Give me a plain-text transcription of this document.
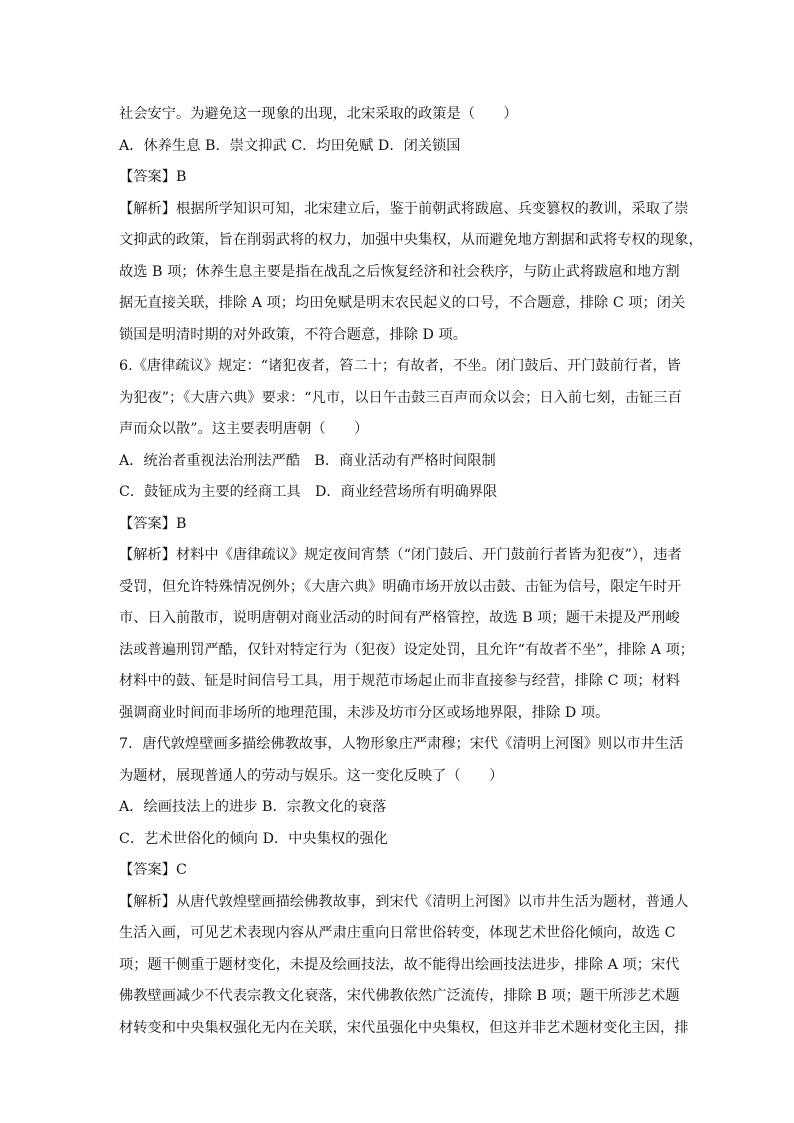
社会安宁。为避免这一现象的出现，北宋采取的政策是（　　）
A．休养生息 B．崇文抑武 C．均田免赋 D．闭关锁国
【答案】B
【解析】根据所学知识可知，北宋建立后，鉴于前朝武将跋扈、兵变篡权的教训，采取了崇
文抑武的政策，旨在削弱武将的权力，加强中央集权，从而避免地方割据和武将专权的现象，
故选 B 项；休养生息主要是指在战乱之后恢复经济和社会秩序，与防止武将跋扈和地方割
据无直接关联，排除 A 项；均田免赋是明末农民起义的口号，不合题意，排除 C 项；闭关
锁国是明清时期的对外政策，不符合题意，排除 D 项。
6.《唐律疏议》规定：“诸犯夜者，笞二十；有故者，不坐。闭门鼓后、开门鼓前行者，皆
为犯夜”；《大唐六典》要求：“凡市，以日午击鼓三百声而众以会；日入前七刻，击钲三百
声而众以散”。这主要表明唐朝（　　）
A．统治者重视法治刑法严酷　B．商业活动有严格时间限制
C．鼓钲成为主要的经商工具　D．商业经营场所有明确界限
【答案】B
【解析】材料中《唐律疏议》规定夜间宵禁（“闭门鼓后、开门鼓前行者皆为犯夜”），违者
受罚，但允许特殊情况例外；《大唐六典》明确市场开放以击鼓、击钲为信号，限定午时开
市、日入前散市，说明唐朝对商业活动的时间有严格管控，故选 B 项；题干未提及严刑峻
法或普遍刑罚严酷，仅针对特定行为（犯夜）设定处罚，且允许“有故者不坐”，排除 A 项；
材料中的鼓、钲是时间信号工具，用于规范市场起止而非直接参与经营，排除 C 项；材料
强调商业时间而非场所的地理范围，未涉及坊市分区或场地界限，排除 D 项。
7．唐代敦煌壁画多描绘佛教故事，人物形象庄严肃穆；宋代《清明上河图》则以市井生活
为题材，展现普通人的劳动与娱乐。这一变化反映了（　　）
A．绘画技法上的进步 B．宗教文化的衰落
C．艺术世俗化的倾向 D．中央集权的强化
【答案】C
【解析】从唐代敦煌壁画描绘佛教故事，到宋代《清明上河图》以市井生活为题材，普通人
生活入画，可见艺术表现内容从严肃庄重向日常世俗转变，体现艺术世俗化倾向，故选 C
项；题干侧重于题材变化，未提及绘画技法，故不能得出绘画技法进步，排除 A 项；宋代
佛教壁画减少不代表宗教文化衰落，宋代佛教依然广泛流传，排除 B 项；题干所涉艺术题
材转变和中央集权强化无内在关联，宋代虽强化中央集权，但这并非艺术题材变化主因，排
